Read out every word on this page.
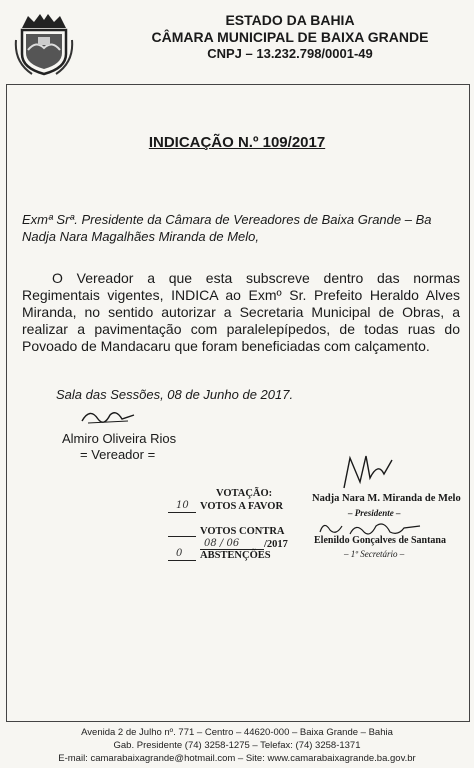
ESTADO DA BAHIA
CÂMARA MUNICIPAL DE BAIXA GRANDE
CNPJ – 13.232.798/0001-49
INDICAÇÃO N.º 109/2017
Exmª Srª. Presidente da Câmara de Vereadores de Baixa Grande – Ba
Nadja Nara Magalhães Miranda de Melo,
O Vereador a que esta subscreve dentro das normas Regimentais vigentes, INDICA ao Exmº Sr. Prefeito Heraldo Alves Miranda, no sentido autorizar a Secretaria Municipal de Obras, a realizar a pavimentação com paralelepípedos, de todas ruas do Povoado de Mandacaru que foram beneficiadas com calçamento.
Sala das Sessões, 08 de Junho de 2017.
Almiro Oliveira Rios
= Vereador =
VOTAÇÃO:
10 VOTOS A FAVOR
VOTOS CONTRA
08 / 06 /2017
0 ABSTENÇÕES
Nadja Nara M. Miranda de Melo
– Presidente –
Elenildo Gonçalves de Santana
– 1º Secretário –
Avenida 2 de Julho nº. 771 – Centro – 44620-000 – Baixa Grande – Bahia
Gab. Presidente (74) 3258-1275 – Telefax: (74) 3258-1371
E-mail: camarabaixagrande@hotmail.com – Site: www.camarabaixagrande.ba.gov.br
